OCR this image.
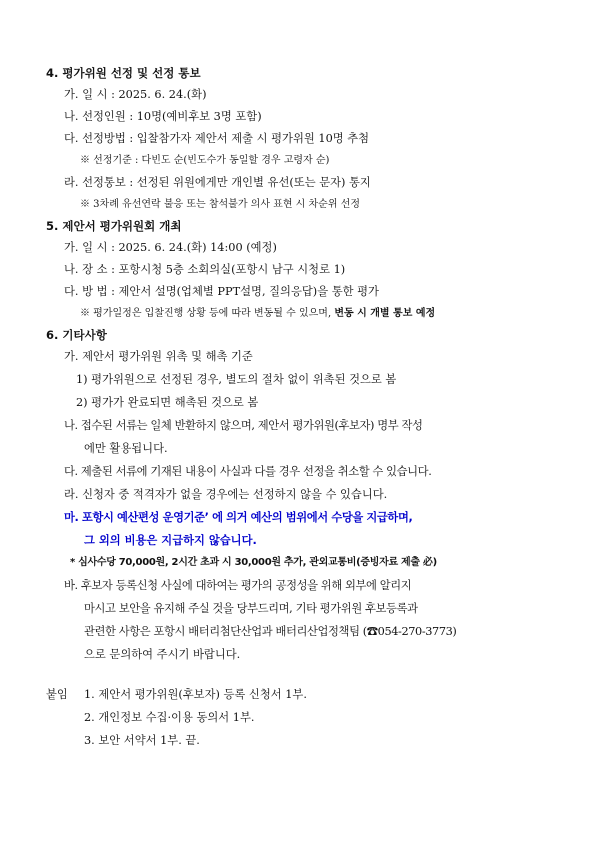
4. 평가위원 선정 및 선정 통보
가. 일 시 : 2025. 6. 24.(화)
나. 선정인원 : 10명(예비후보 3명 포함)
다. 선정방법 : 입찰참가자 제안서 제출 시 평가위원 10명 추첨
※ 선정기준 : 다빈도 순(빈도수가 동일할 경우 고령자 순)
라. 선정통보 : 선정된 위원에게만 개인별 유선(또는 문자) 통지
※ 3차례 유선연락 불응 또는 참석불가 의사 표현 시 차순위 선정
5. 제안서 평가위원회 개최
가. 일 시 : 2025. 6. 24.(화) 14:00 (예정)
나. 장 소 : 포항시청 5층 소회의실(포항시 남구 시청로 1)
다. 방 법 : 제안서 설명(업체별 PPT설명, 질의응답)을 통한 평가
※ 평가일정은 입찰진행 상황 등에 따라 변동될 수 있으며, 변동 시 개별 통보 예정
6. 기타사항
가. 제안서 평가위원 위촉 및 해촉 기준
1) 평가위원으로 선정된 경우, 별도의 절차 없이 위촉된 것으로 봄
2) 평가가 완료되면 해촉된 것으로 봄
나. 접수된 서류는 일체 반환하지 않으며, 제안서 평가위원(후보자) 명부 작성
에만 활용됩니다.
다. 제출된 서류에 기재된 내용이 사실과 다를 경우 선정을 취소할 수 있습니다.
라. 신청자 중 적격자가 없을 경우에는 선정하지 않을 수 있습니다.
마. 포항시 예산편성 운영기준’ 에 의거 예산의 범위에서 수당을 지급하며,
그 외의 비용은 지급하지 않습니다.
* 심사수당 70,000원, 2시간 초과 시 30,000원 추가, 관외교통비(증빙자료 제출 必)
바. 후보자 등록신청 사실에 대하여는 평가의 공정성을 위해 외부에 알리지
마시고 보안을 유지해 주실 것을 당부드리며, 기타 평가위원 후보등록과
관련한 사항은 포항시 배터리첨단산업과 배터리산업정책팀 (☎054-270-3773)
으로 문의하여 주시기 바랍니다.
붙임 1. 제안서 평가위원(후보자) 등록 신청서 1부.
2. 개인정보 수집·이용 동의서 1부.
3. 보안 서약서 1부. 끝.
